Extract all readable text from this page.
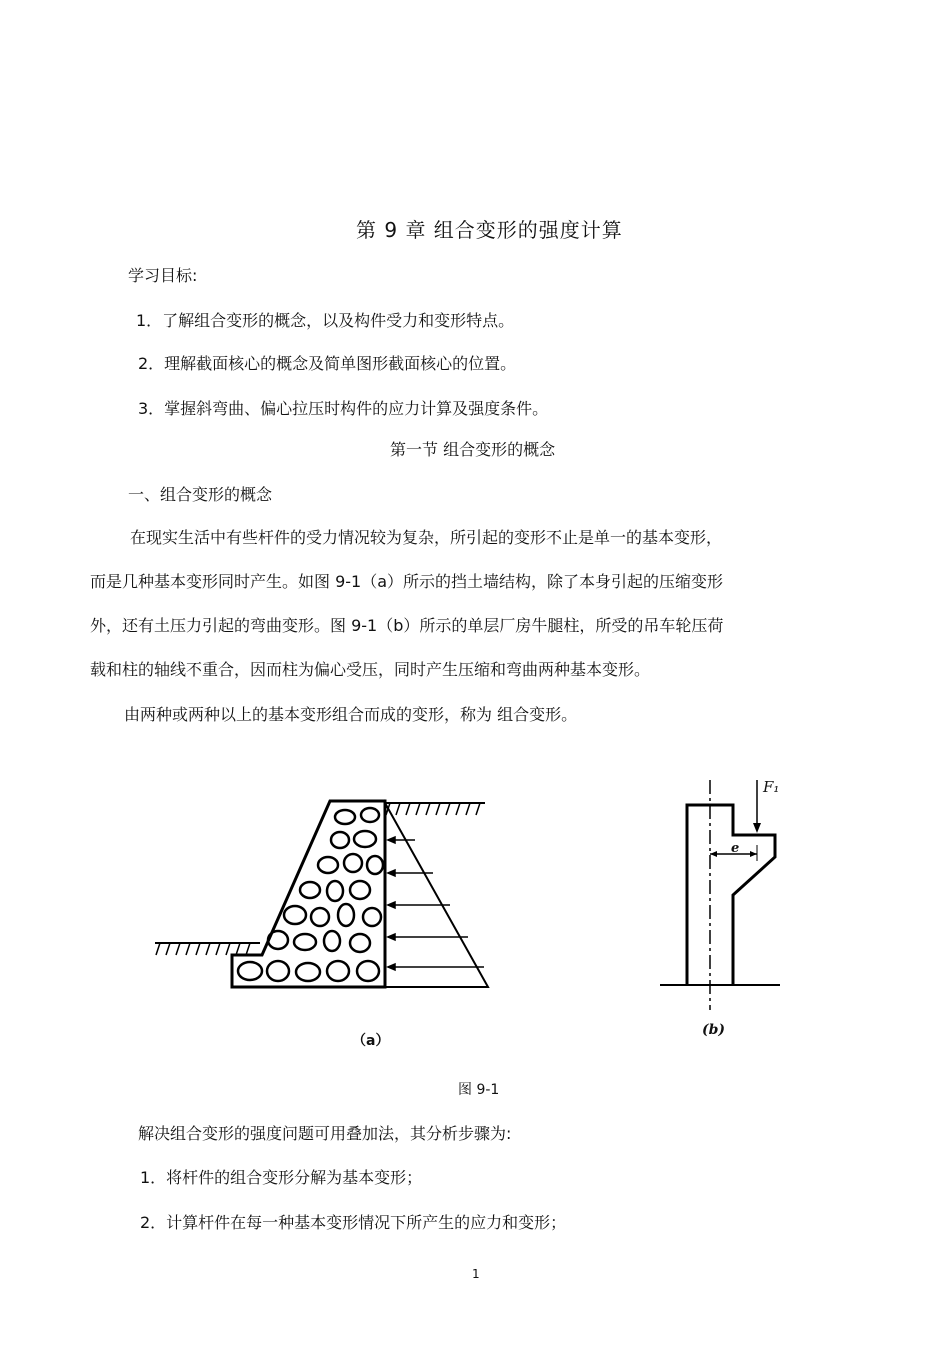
第 9 章 组合变形的强度计算
学习目标:
1．了解组合变形的概念，以及构件受力和变形特点。
2．理解截面核心的概念及简单图形截面核心的位置。
3．掌握斜弯曲、偏心拉压时构件的应力计算及强度条件。
第一节 组合变形的概念
一、组合变形的概念
在现实生活中有些杆件的受力情况较为复杂，所引起的变形不止是单一的基本变形，
而是几种基本变形同时产生。如图 9-1（a）所示的挡土墙结构，除了本身引起的压缩变形
外，还有土压力引起的弯曲变形。图 9-1（b）所示的单层厂房牛腿柱，所受的吊车轮压荷
载和柱的轴线不重合，因而柱为偏心受压，同时产生压缩和弯曲两种基本变形。
由两种或两种以上的基本变形组合而成的变形，称为 组合变形。
（a）
F₁
e
(b)
图 9-1
解决组合变形的强度问题可用叠加法，其分析步骤为:
1．将杆件的组合变形分解为基本变形；
2．计算杆件在每一种基本变形情况下所产生的应力和变形；
1
